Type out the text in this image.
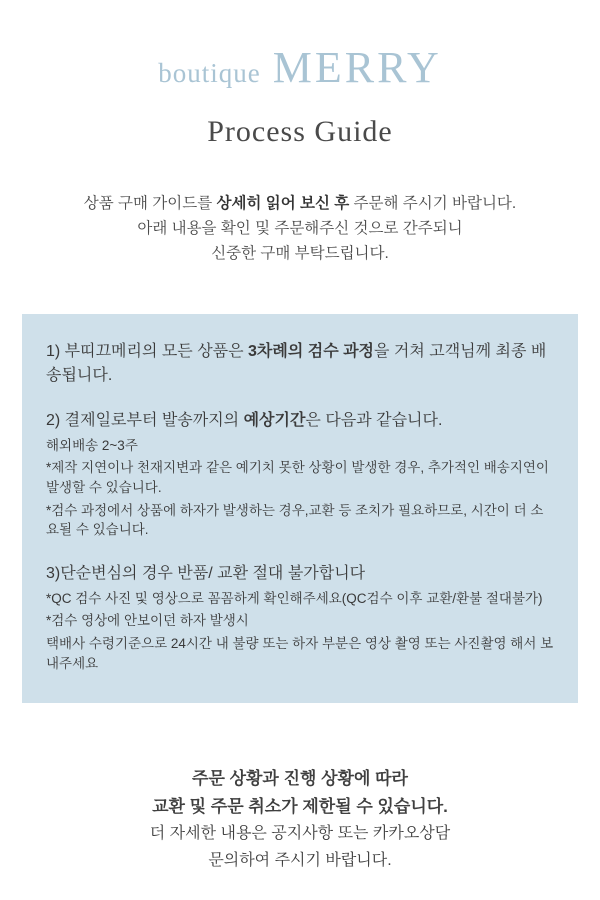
boutique MERRY
Process Guide
상품 구매 가이드를 상세히 읽어 보신 후 주문해 주시기 바랍니다.
아래 내용을 확인 및 주문해주신 것으로 간주되니
신중한 구매 부탁드립니다.
1) 부띠끄메리의 모든 상품은 3차례의 검수 과정을 거쳐 고객님께 최종 배송됩니다.
2) 결제일로부터 발송까지의 예상기간은 다음과 같습니다.
해외배송 2~3주
*제작 지연이나 천재지변과 같은 예기치 못한 상황이 발생한 경우, 추가적인 배송지연이 발생할 수 있습니다.
*검수 과정에서 상품에 하자가 발생하는 경우,교환 등 조치가 필요하므로, 시간이 더 소요될 수 있습니다.
3)단순변심의 경우 반품/ 교환 절대 불가합니다
*QC 검수 사진 및 영상으로 꼼꼼하게 확인해주세요(QC검수 이후 교환/환불 절대불가)
*검수 영상에 안보이던 하자 발생시
택배사 수령기준으로 24시간 내 불량 또는 하자 부분은 영상 촬영 또는 사진촬영 해서 보내주세요
주문 상황과 진행 상황에 따라
교환 및 주문 취소가 제한될 수 있습니다.
더 자세한 내용은 공지사항 또는 카카오상담
문의하여 주시기 바랍니다.
